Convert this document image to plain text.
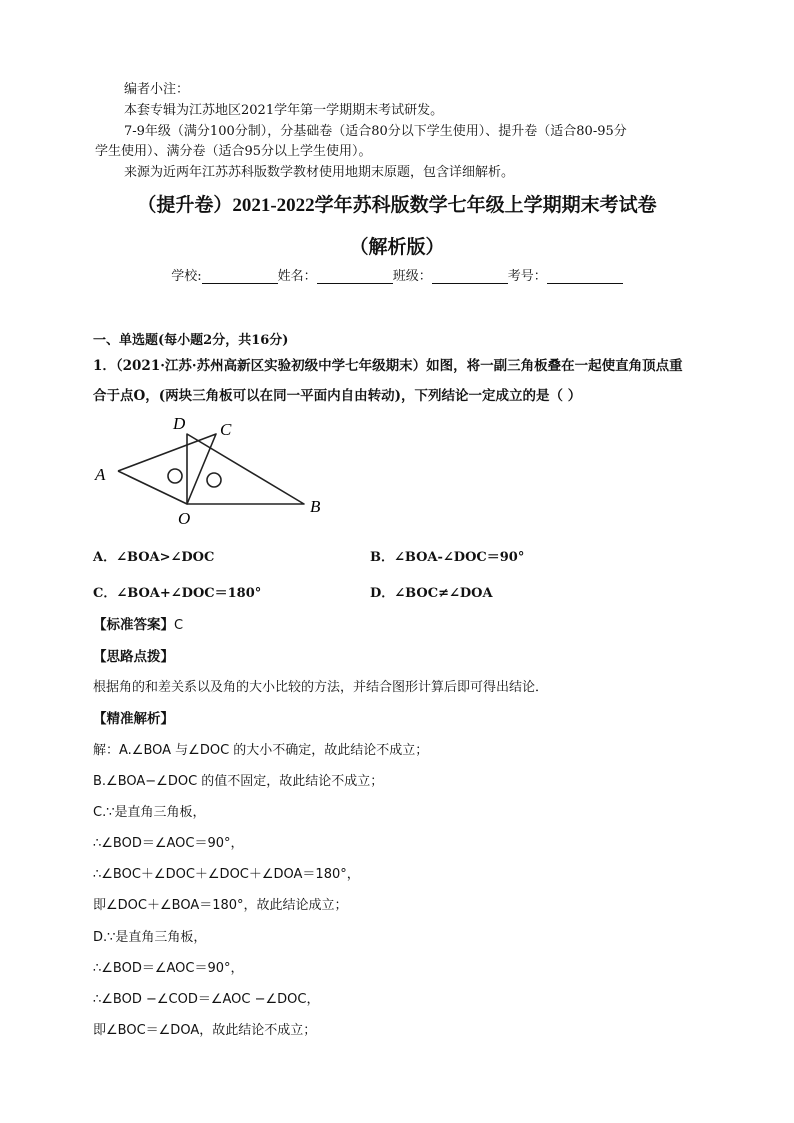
编者小注：
本套专辑为江苏地区2021学年第一学期期末考试研发。
7-9年级（满分100分制），分基础卷（适合80分以下学生使用）、提升卷（适合80-95分
学生使用）、满分卷（适合95分以上学生使用）。
来源为近两年江苏苏科版数学教材使用地期末原题，包含详细解析。
（提升卷）2021-2022学年苏科版数学七年级上学期期末考试卷
（解析版）
学校:	姓名：	班级：	考号：
一、单选题(每小题2分，共16分)
1．（2021·江苏·苏州高新区实验初级中学七年级期末）如图，将一副三角板叠在一起使直角顶点重
合于点O，(两块三角板可以在同一平面内自由转动)，下列结论一定成立的是（ ）
A
D C
O
B
A．∠BOA>∠DOC	B．∠BOA-∠DOC＝90°
C．∠BOA+∠DOC＝180°	D．∠BOC≠∠DOA
【标准答案】C
【思路点拨】
根据角的和差关系以及角的大小比较的方法，并结合图形计算后即可得出结论．
【精准解析】
解：A.∠BOA 与∠DOC 的大小不确定，故此结论不成立；
B.∠BOA−∠DOC 的值不固定，故此结论不成立；
C.∵是直角三角板，
∴∠BOD＝∠AOC＝90°，
∴∠BOC＋∠DOC＋∠DOC＋∠DOA＝180°，
即∠DOC＋∠BOA＝180°，故此结论成立；
D.∵是直角三角板，
∴∠BOD＝∠AOC＝90°，
∴∠BOD −∠COD＝∠AOC −∠DOC，
即∠BOC＝∠DOA，故此结论不成立；
